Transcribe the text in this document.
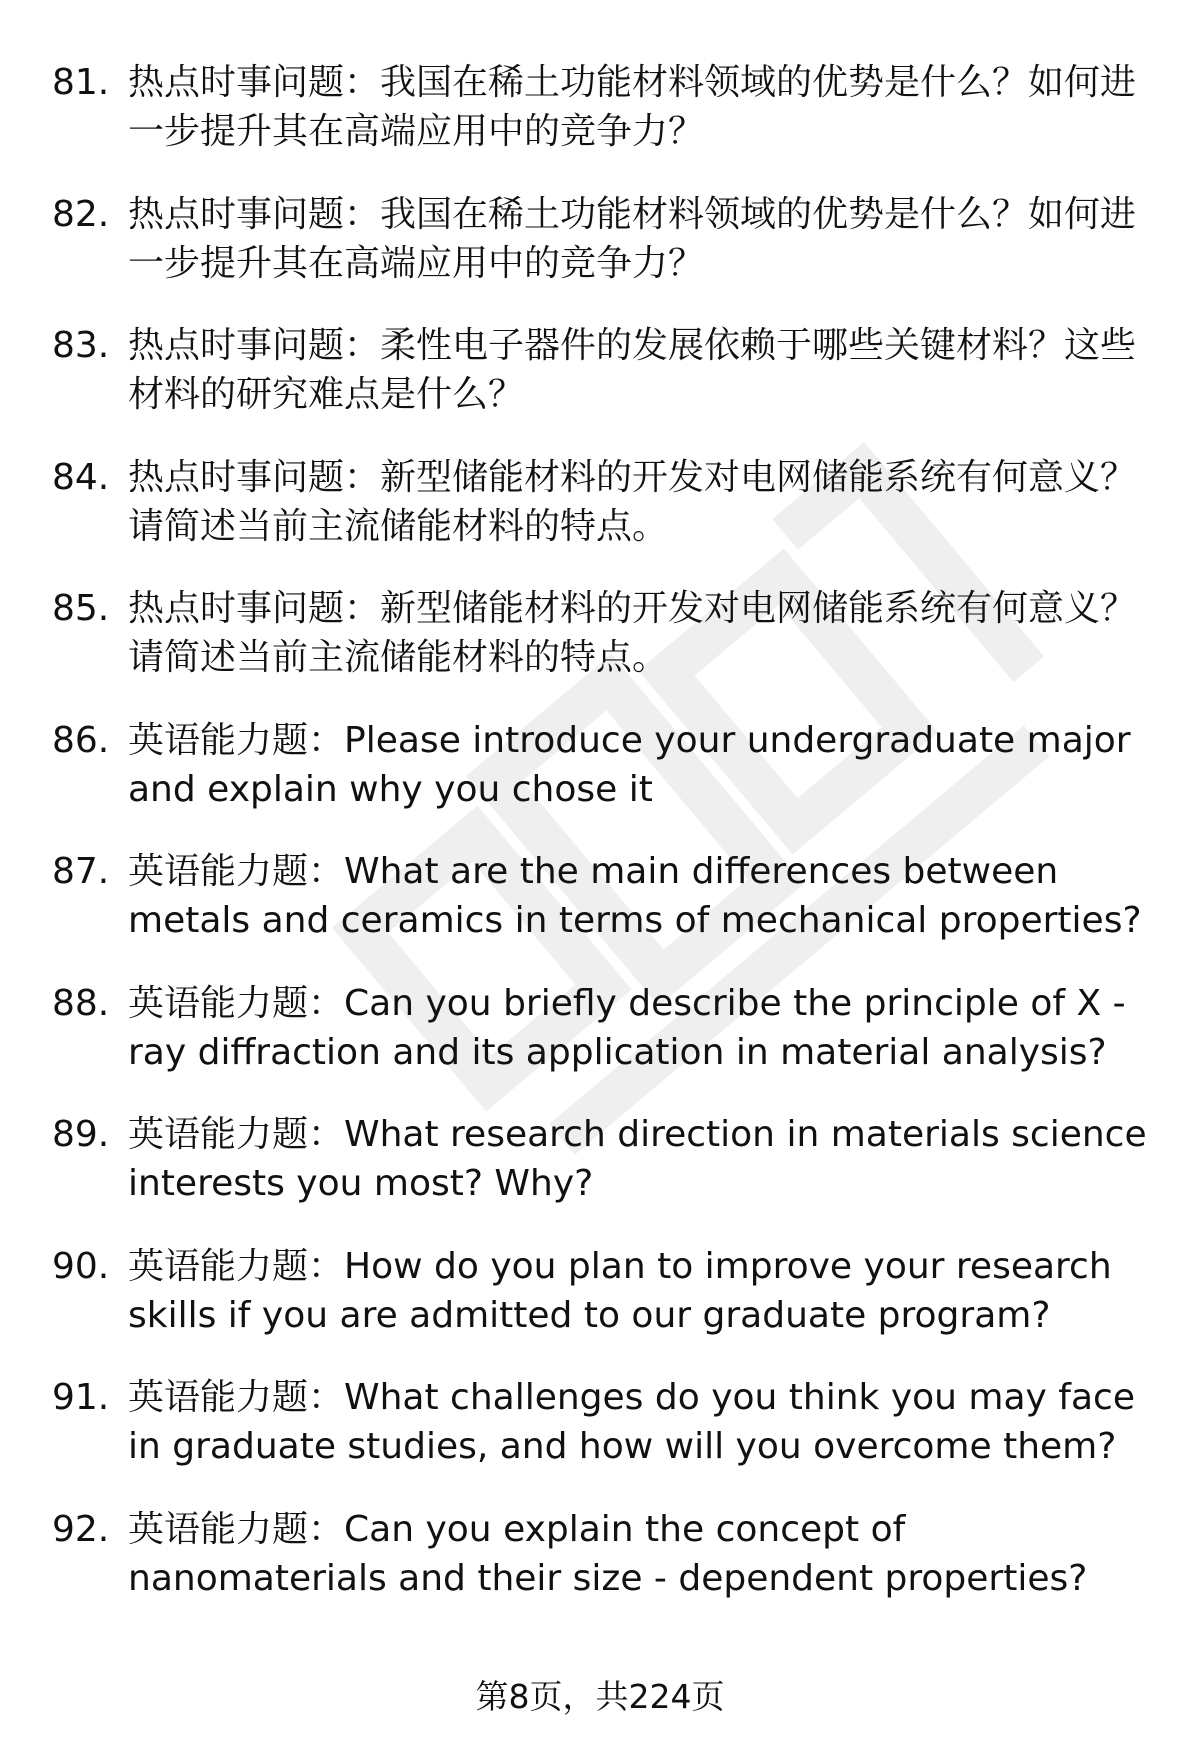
81. 热点时事问题：我国在稀土功能材料领域的优势是什么？如何进一步提升其在高端应用中的竞争力？
82. 热点时事问题：我国在稀土功能材料领域的优势是什么？如何进一步提升其在高端应用中的竞争力？
83. 热点时事问题：柔性电子器件的发展依赖于哪些关键材料？这些材料的研究难点是什么？
84. 热点时事问题：新型储能材料的开发对电网储能系统有何意义？请简述当前主流储能材料的特点。
85. 热点时事问题：新型储能材料的开发对电网储能系统有何意义？请简述当前主流储能材料的特点。
86. 英语能力题：Please introduce your undergraduate major and explain why you chose it
87. 英语能力题：What are the main differences between metals and ceramics in terms of mechanical properties?
88. 英语能力题：Can you briefly describe the principle of X - ray diffraction and its application in material analysis?
89. 英语能力题：What research direction in materials science interests you most? Why?
90. 英语能力题：How do you plan to improve your research skills if you are admitted to our graduate program?
91. 英语能力题：What challenges do you think you may face in graduate studies, and how will you overcome them?
92. 英语能力题：Can you explain the concept of nanomaterials and their size - dependent properties?
第8页，共224页
